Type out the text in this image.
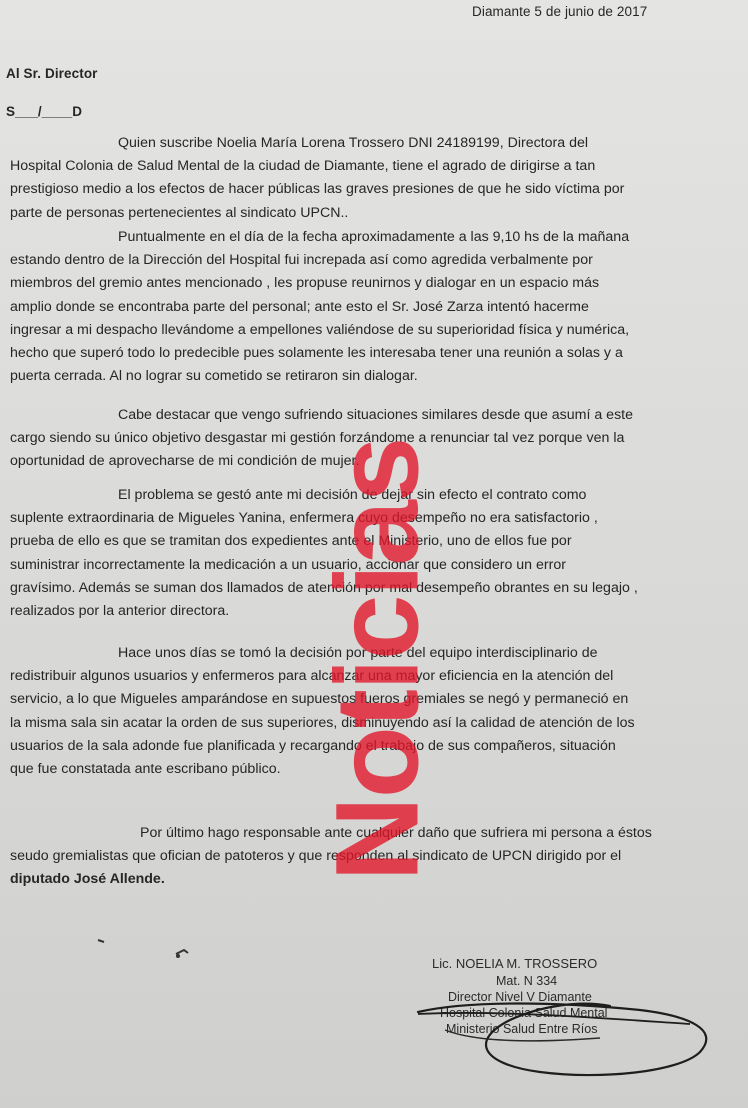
Diamante 5 de junio de 2017
Al Sr. Director
S___/____D
Quien suscribe Noelia María Lorena Trossero DNI 24189199, Directora del
Hospital Colonia de Salud Mental de la ciudad de Diamante, tiene el agrado de dirigirse a tan
prestigioso medio a los efectos de hacer públicas las graves presiones de que he sido víctima por
parte de personas pertenecientes al sindicato UPCN..
Puntualmente en el día de la fecha aproximadamente a las 9,10 hs de la mañana
estando dentro de la Dirección del Hospital fui increpada así como agredida verbalmente por
miembros del gremio antes mencionado , les propuse reunirnos y dialogar en un espacio más
amplio donde se encontraba parte del personal; ante esto el Sr. José Zarza intentó hacerme
ingresar a mi despacho llevándome a empellones valiéndose de su superioridad física y numérica,
hecho que superó todo lo predecible pues solamente les interesaba tener una reunión a solas y a
puerta cerrada. Al no lograr su cometido se retiraron sin dialogar.
Cabe destacar que vengo sufriendo situaciones similares desde que asumí a este
cargo siendo su único objetivo desgastar mi gestión forzándome a renunciar tal vez porque ven la
oportunidad de aprovecharse de mi condición de mujer.
El problema se gestó ante mi decisión de dejar sin efecto el contrato como
suplente extraordinaria de Migueles Yanina, enfermera cuyo desempeño no era satisfactorio ,
prueba de ello es que se tramitan dos expedientes ante el Ministerio, uno de ellos fue por
suministrar incorrectamente la medicación a un usuario, accionar que considero un error
gravísimo. Además se suman dos llamados de atención por mal desempeño obrantes en su legajo ,
realizados por la anterior directora.
Hace unos días se tomó la decisión por parte del equipo interdisciplinario de
redistribuir algunos usuarios y enfermeros para alcanzar una mayor eficiencia en la atención del
servicio, a lo que Migueles amparándose en supuestos fueros gremiales se negó y permaneció en
la misma sala sin acatar la orden de sus superiores, disminuyendo así la calidad de atención de los
usuarios de la sala adonde fue planificada y recargando el trabajo de sus compañeros, situación
que fue constatada ante escribano público.
Por último hago responsable ante cualquier daño que sufriera mi persona a éstos
seudo gremialistas que ofician de patoteros y que responden al sindicato de UPCN dirigido por el
diputado José Allende.	Noticias
Lic. NOELIA M. TROSSERO
Mat. N 334
Director Nivel V Diamante
Hospital Colonia Salud Mental
Ministerio Salud Entre Ríos
